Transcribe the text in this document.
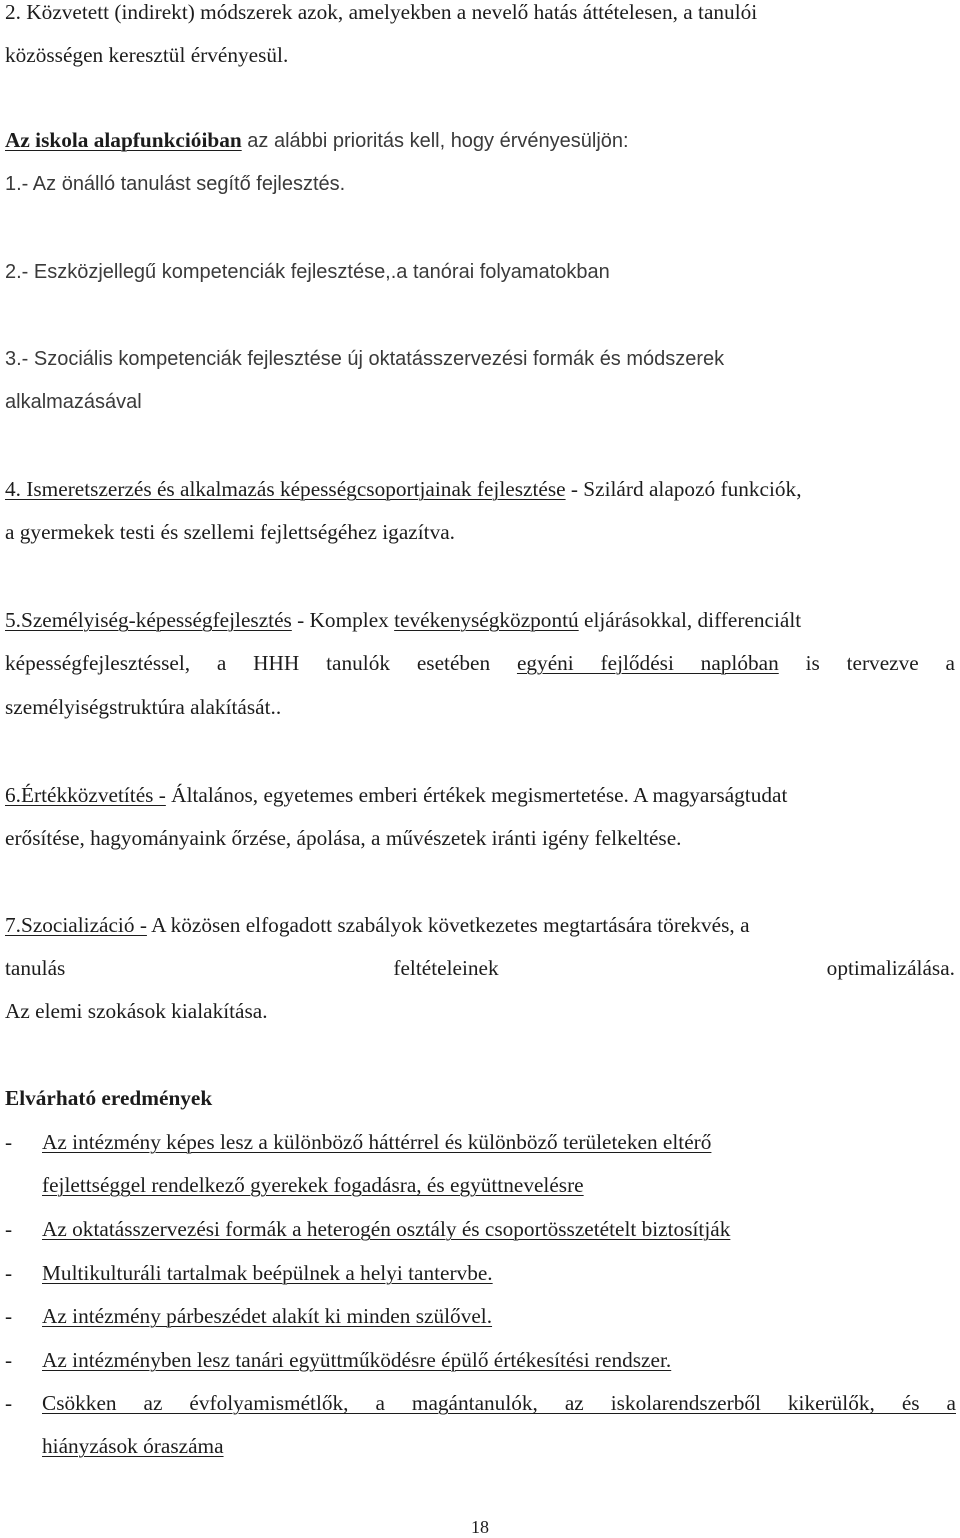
2. Közvetett (indirekt) módszerek azok, amelyekben a nevelő hatás áttételesen, a tanulói
közösségen keresztül érvényesül.
Az iskola alapfunkcióiban az alábbi prioritás kell, hogy érvényesüljön:
1.- Az önálló tanulást segítő fejlesztés.
2.- Eszközjellegű kompetenciák fejlesztése,.a tanórai folyamatokban
3.- Szociális kompetenciák fejlesztése új oktatásszervezési formák és módszerek
alkalmazásával
4. Ismeretszerzés és alkalmazás képességcsoportjainak fejlesztése - Szilárd alapozó funkciók,
a gyermekek testi és szellemi fejlettségéhez igazítva.
5.Személyiség-képességfejlesztés - Komplex tevékenységközpontú eljárásokkal, differenciált
képességfejlesztéssel, a HHH tanulók esetében egyéni fejlődési naplóban is tervezve a
személyiségstruktúra alakítását..
6.Értékközvetítés - Általános, egyetemes emberi értékek megismertetése. A magyarságtudat
erősítése, hagyományaink őrzése, ápolása, a művészetek iránti igény felkeltése.
7.Szocializáció - A közösen elfogadott szabályok következetes megtartására törekvés, a
tanulás	feltételeinek	optimalizálása.
Az elemi szokások kialakítása.
Elvárható eredmények
- Az intézmény képes lesz a különböző háttérrel és különböző területeken eltérő
fejlettséggel rendelkező gyerekek fogadásra, és együttnevelésre
- Az oktatásszervezési formák a heterogén osztály és csoportösszetételt biztosítják
- Multikulturáli tartalmak beépülnek a helyi tantervbe.
- Az intézmény párbeszédet alakít ki minden szülővel.
- Az intézményben lesz tanári együttműködésre épülő értékesítési rendszer.
- Csökken az évfolyamismétlők, a magántanulók, az iskolarendszerből kikerülők, és a
hiányzások óraszáma
18
